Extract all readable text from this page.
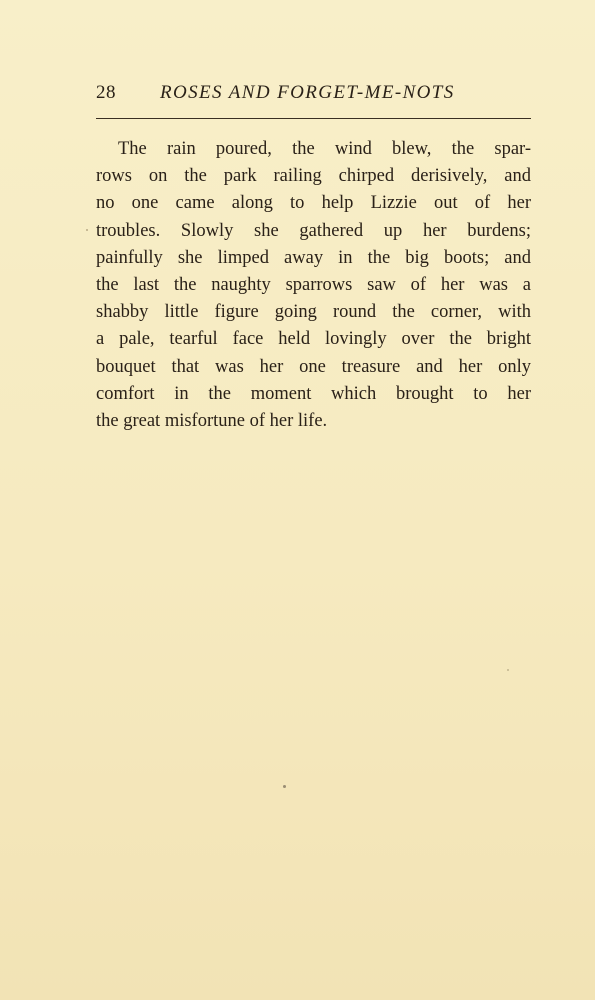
28 ROSES AND FORGET-ME-NOTS
The rain poured, the wind blew, the spar-
rows on the park railing chirped derisively, and
no one came along to help Lizzie out of her
troubles. Slowly she gathered up her burdens;
painfully she limped away in the big boots; and
the last the naughty sparrows saw of her was a
shabby little figure going round the corner, with
a pale, tearful face held lovingly over the bright
bouquet that was her one treasure and her only
comfort in the moment which brought to her
the great misfortune of her life.
